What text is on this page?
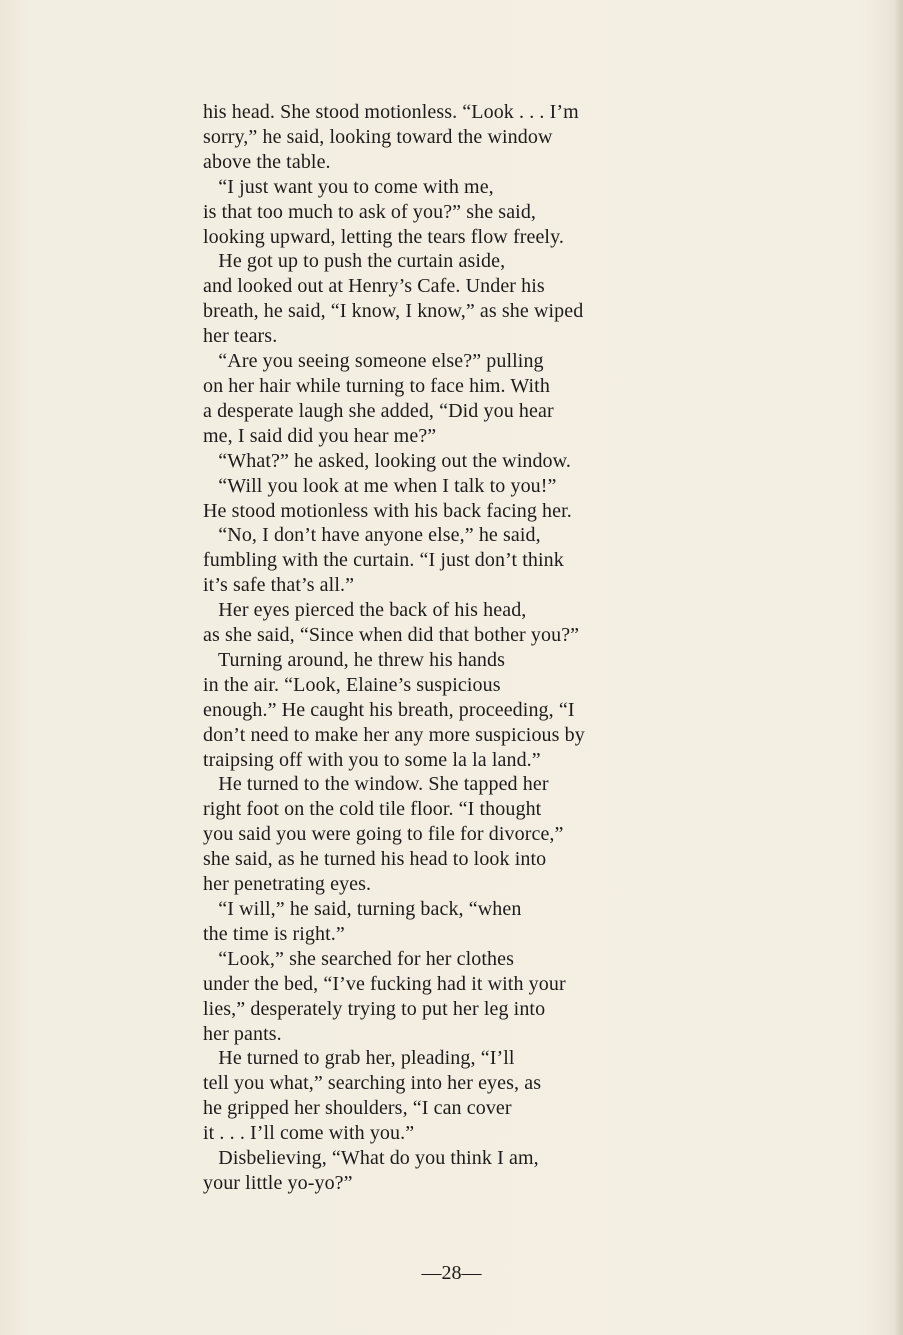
his head. She stood motionless. “Look . . . I’m
sorry,” he said, looking toward the window
above the table.
“I just want you to come with me,
is that too much to ask of you?” she said,
looking upward, letting the tears flow freely.
He got up to push the curtain aside,
and looked out at Henry’s Cafe. Under his
breath, he said, “I know, I know,” as she wiped
her tears.
“Are you seeing someone else?” pulling
on her hair while turning to face him. With
a desperate laugh she added, “Did you hear
me, I said did you hear me?”
“What?” he asked, looking out the window.
“Will you look at me when I talk to you!”
He stood motionless with his back facing her.
“No, I don’t have anyone else,” he said,
fumbling with the curtain. “I just don’t think
it’s safe that’s all.”
Her eyes pierced the back of his head,
as she said, “Since when did that bother you?”
Turning around, he threw his hands
in the air. “Look, Elaine’s suspicious
enough.” He caught his breath, proceeding, “I
don’t need to make her any more suspicious by
traipsing off with you to some la la land.”
He turned to the window. She tapped her
right foot on the cold tile floor. “I thought
you said you were going to file for divorce,”
she said, as he turned his head to look into
her penetrating eyes.
“I will,” he said, turning back, “when
the time is right.”
“Look,” she searched for her clothes
under the bed, “I’ve fucking had it with your
lies,” desperately trying to put her leg into
her pants.
He turned to grab her, pleading, “I’ll
tell you what,” searching into her eyes, as
he gripped her shoulders, “I can cover
it . . . I’ll come with you.”
Disbelieving, “What do you think I am,
your little yo-yo?”
—28—
